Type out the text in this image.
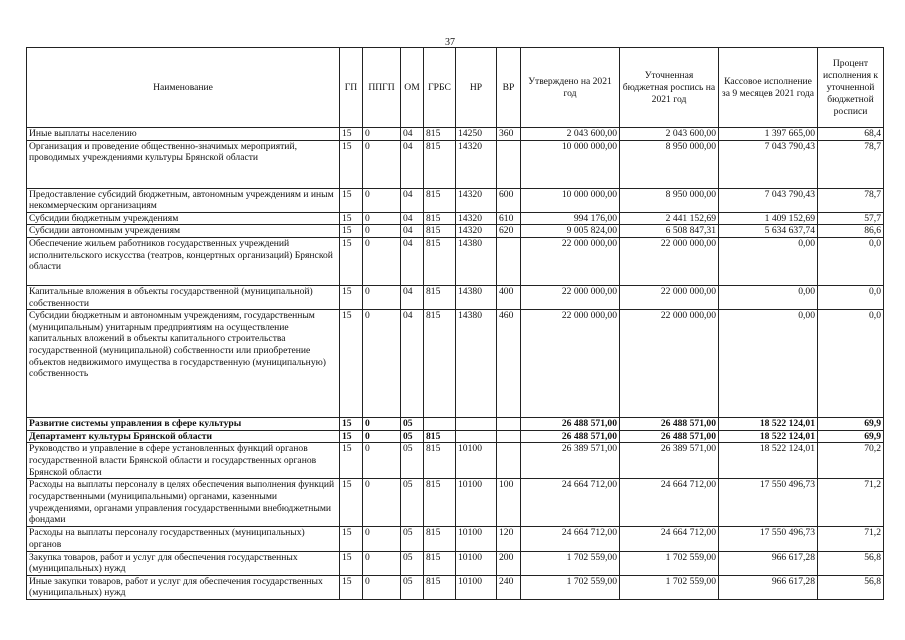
37
Наименование	ГП	ППГП	ОМ	ГРБС	НР	ВР	Утверждено на 2021 год	Уточненная бюджетная роспись на 2021 год	Кассовое исполнение за 9 месяцев 2021 года	Процент исполнения к уточненной бюджетной росписи
Иные выплаты населению	15	0	04	815	14250	360	2 043 600,00	2 043 600,00	1 397 665,00	68,4
Организация и проведение общественно-значимых мероприятий, проводимых учреждениями культуры Брянской области	15	0	04	815	14320		10 000 000,00	8 950 000,00	7 043 790,43	78,7
Предоставление субсидий бюджетным, автономным учреждениям и иным некоммерческим организациям	15	0	04	815	14320	600	10 000 000,00	8 950 000,00	7 043 790,43	78,7
Субсидии бюджетным учреждениям	15	0	04	815	14320	610	994 176,00	2 441 152,69	1 409 152,69	57,7
Субсидии автономным учреждениям	15	0	04	815	14320	620	9 005 824,00	6 508 847,31	5 634 637,74	86,6
Обеспечение жильем работников государственных учреждений исполнительского искусства (театров, концертных организаций) Брянской области	15	0	04	815	14380		22 000 000,00	22 000 000,00	0,00	0,0
Капитальные вложения в объекты государственной (муниципальной) собственности	15	0	04	815	14380	400	22 000 000,00	22 000 000,00	0,00	0,0
Субсидии бюджетным и автономным учреждениям, государственным (муниципальным) унитарным предприятиям на осуществление капитальных вложений в объекты капитального строительства государственной (муниципальной) собственности или приобретение объектов недвижимого имущества в государственную (муниципальную) собственность	15	0	04	815	14380	460	22 000 000,00	22 000 000,00	0,00	0,0
Развитие системы управления в сфере культуры	15	0	05				26 488 571,00	26 488 571,00	18 522 124,01	69,9
Департамент культуры Брянской области	15	0	05	815			26 488 571,00	26 488 571,00	18 522 124,01	69,9
Руководство и управление в сфере установленных функций органов государственной власти Брянской области и государственных органов Брянской области	15	0	05	815	10100		26 389 571,00	26 389 571,00	18 522 124,01	70,2
Расходы на выплаты персоналу в целях обеспечения выполнения функций государственными (муниципальными) органами, казенными учреждениями, органами управления государственными внебюджетными фондами	15	0	05	815	10100	100	24 664 712,00	24 664 712,00	17 550 496,73	71,2
Расходы на выплаты персоналу государственных (муниципальных) органов	15	0	05	815	10100	120	24 664 712,00	24 664 712,00	17 550 496,73	71,2
Закупка товаров, работ и услуг для обеспечения государственных (муниципальных) нужд	15	0	05	815	10100	200	1 702 559,00	1 702 559,00	966 617,28	56,8
Иные закупки товаров, работ и услуг для обеспечения государственных (муниципальных) нужд	15	0	05	815	10100	240	1 702 559,00	1 702 559,00	966 617,28	56,8
